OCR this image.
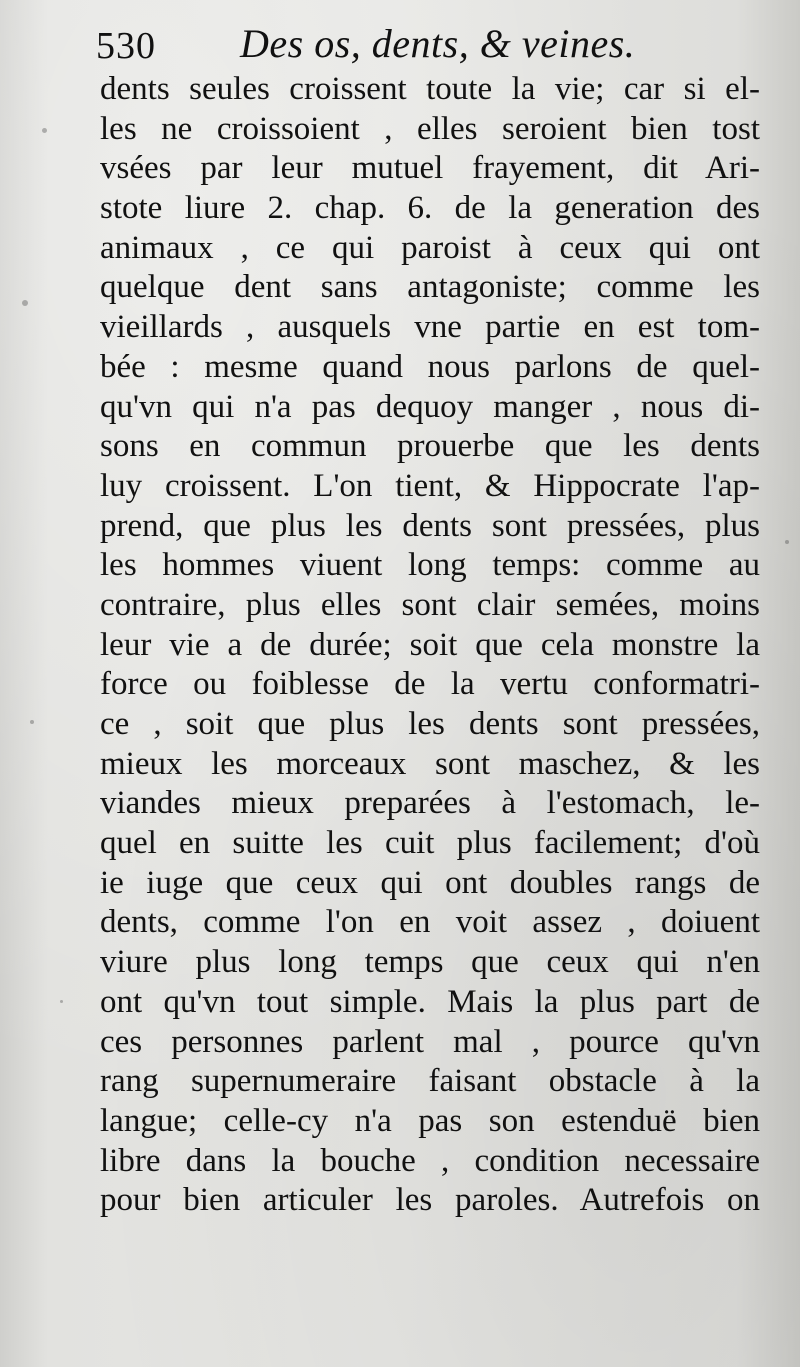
530 Des os, dents, & veines.
dents seules croissent toute la vie; car si el-
les ne croissoient , elles seroient bien tost
vsées par leur mutuel frayement, dit Ari-
stote liure 2. chap. 6. de la generation des
animaux , ce qui paroist à ceux qui ont
quelque dent sans antagoniste; comme les
vieillards , ausquels vne partie en est tom-
bée : mesme quand nous parlons de quel-
qu'vn qui n'a pas dequoy manger , nous di-
sons en commun prouerbe que les dents
luy croissent. L'on tient, & Hippocrate l'ap-
prend, que plus les dents sont pressées, plus
les hommes viuent long temps: comme au
contraire, plus elles sont clair semées, moins
leur vie a de durée; soit que cela monstre la
force ou foiblesse de la vertu conformatri-
ce , soit que plus les dents sont pressées,
mieux les morceaux sont maschez, & les
viandes mieux preparées à l'estomach, le-
quel en suitte les cuit plus facilement; d'où
ie iuge que ceux qui ont doubles rangs de
dents, comme l'on en voit assez , doiuent
viure plus long temps que ceux qui n'en
ont qu'vn tout simple. Mais la plus part de
ces personnes parlent mal , pource qu'vn
rang supernumeraire faisant obstacle à la
langue; celle-cy n'a pas son estenduë bien
libre dans la bouche , condition necessaire
pour bien articuler les paroles. Autrefois on
